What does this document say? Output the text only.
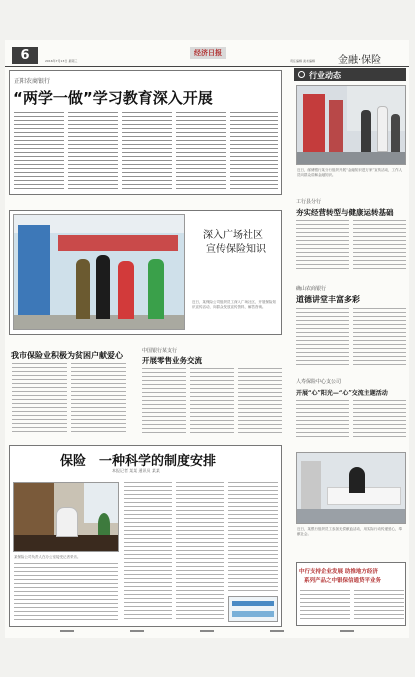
6	2016年7月13日 星期三
经济日报
责任编辑 美术编辑 金融·保险
正阳农商银行
“两学一做”学习教育深入开展
行业动态
近日，邮储银行某分行组织开展“金融知识进万家”宣传活动，工作人员向群众讲解金融知识。
深入广场社区
宣传保险知识
近日，某保险公司组织员工深入广场社区，开展保险知识宣传活动，向群众发放宣传资料，解答咨询。
工行县分行
夯实经营转型与健康运转基础
确山农商银行
道德讲堂丰富多彩
我市保险业积极为贫困户献爱心	中国银行某支行
开展零售业务交流
人寿保险中心支公司
开展“心”阳光—“心”交流主题活动
保险　一种科学的制度安排
本报记者 某某 通讯员 某某
某保险公司负责人在办公室接受记者采访。
近日，某银行组织员工参加无偿献血活动，用实际行动传递爱心，奉献社会。
中行支持企业发展 助推地方经济
系列产品之中银保信通贷平业务
